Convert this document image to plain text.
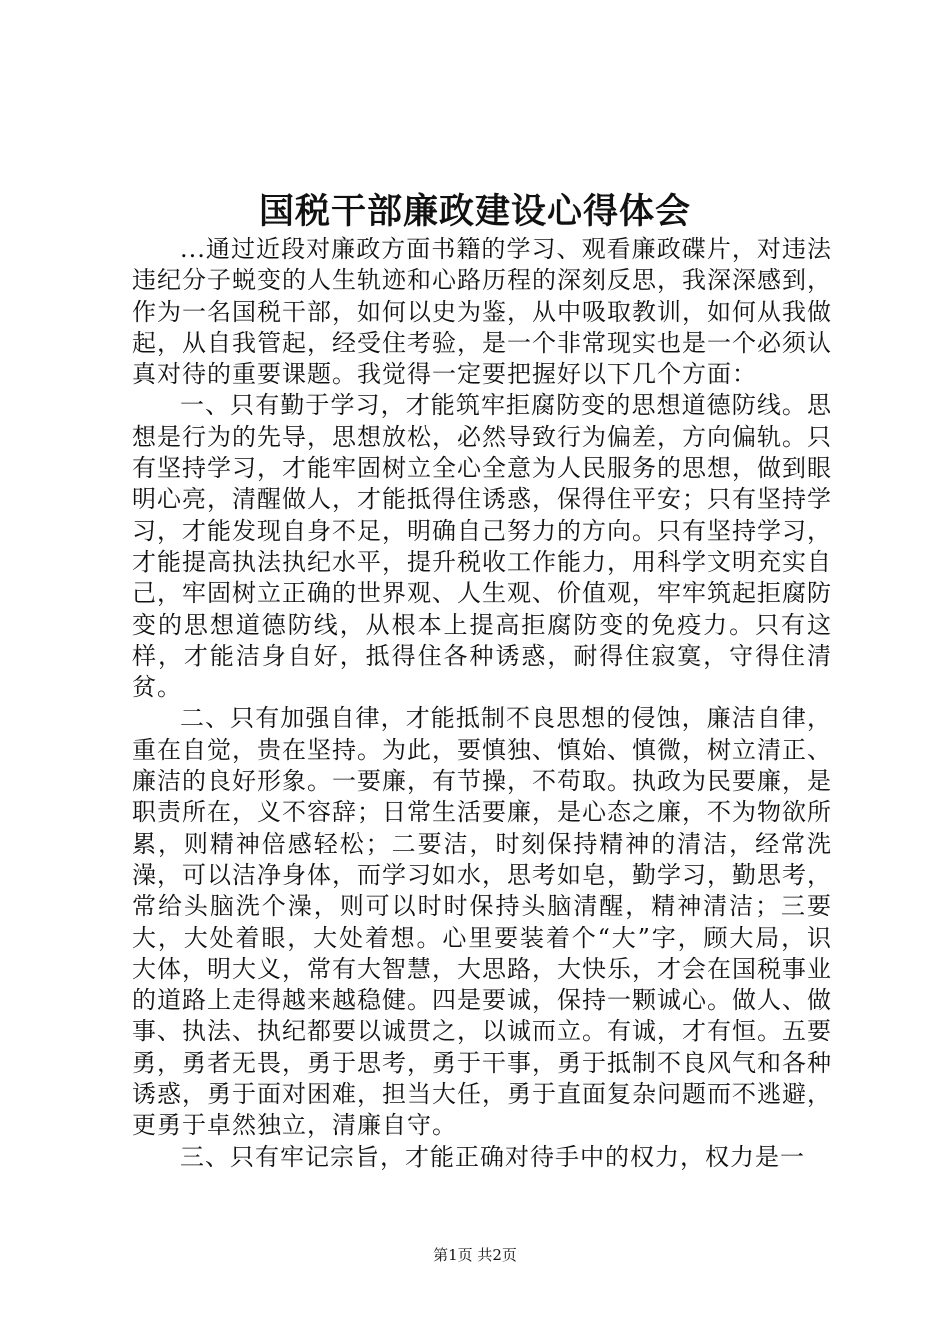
国税干部廉政建设心得体会

...通过近段对廉政方面书籍的学习、观看廉政碟片，对违法违纪分子蜕变的人生轨迹和心路历程的深刻反思，我深深感到，作为一名国税干部，如何以史为鉴，从中吸取教训，如何从我做起，从自我管起，经受住考验，是一个非常现实也是一个必须认真对待的重要课题。我觉得一定要把握好以下几个方面：

一、只有勤于学习，才能筑牢拒腐防变的思想道德防线。思想是行为的先导，思想放松，必然导致行为偏差，方向偏轨。只有坚持学习，才能牢固树立全心全意为人民服务的思想，做到眼明心亮，清醒做人，才能抵得住诱惑，保得住平安；只有坚持学习，才能发现自身不足，明确自己努力的方向。只有坚持学习，才能提高执法执纪水平，提升税收工作能力，用科学文明充实自己，牢固树立正确的世界观、人生观、价值观，牢牢筑起拒腐防变的思想道德防线，从根本上提高拒腐防变的免疫力。只有这样，才能洁身自好，抵得住各种诱惑，耐得住寂寞，守得住清贫。

二、只有加强自律，才能抵制不良思想的侵蚀，廉洁自律，重在自觉，贵在坚持。为此，要慎独、慎始、慎微，树立清正、廉洁的良好形象。一要廉，有节操，不苟取。执政为民要廉，是职责所在，义不容辞；日常生活要廉，是心态之廉，不为物欲所累，则精神倍感轻松；二要洁，时刻保持精神的清洁，经常洗澡，可以洁净身体，而学习如水，思考如皂，勤学习，勤思考，常给头脑洗个澡，则可以时时保持头脑清醒，精神清洁；三要大，大处着眼，大处着想。心里要装着个“大”字，顾大局，识大体，明大义，常有大智慧，大思路，大快乐，才会在国税事业的道路上走得越来越稳健。四是要诚，保持一颗诚心。做人、做事、执法、执纪都要以诚贯之，以诚而立。有诚，才有恒。五要勇，勇者无畏，勇于思考，勇于干事，勇于抵制不良风气和各种诱惑，勇于面对困难，担当大任，勇于直面复杂问题而不逃避，更勇于卓然独立，清廉自守。

三、只有牢记宗旨，才能正确对待手中的权力，权力是一

第1页 共2页
